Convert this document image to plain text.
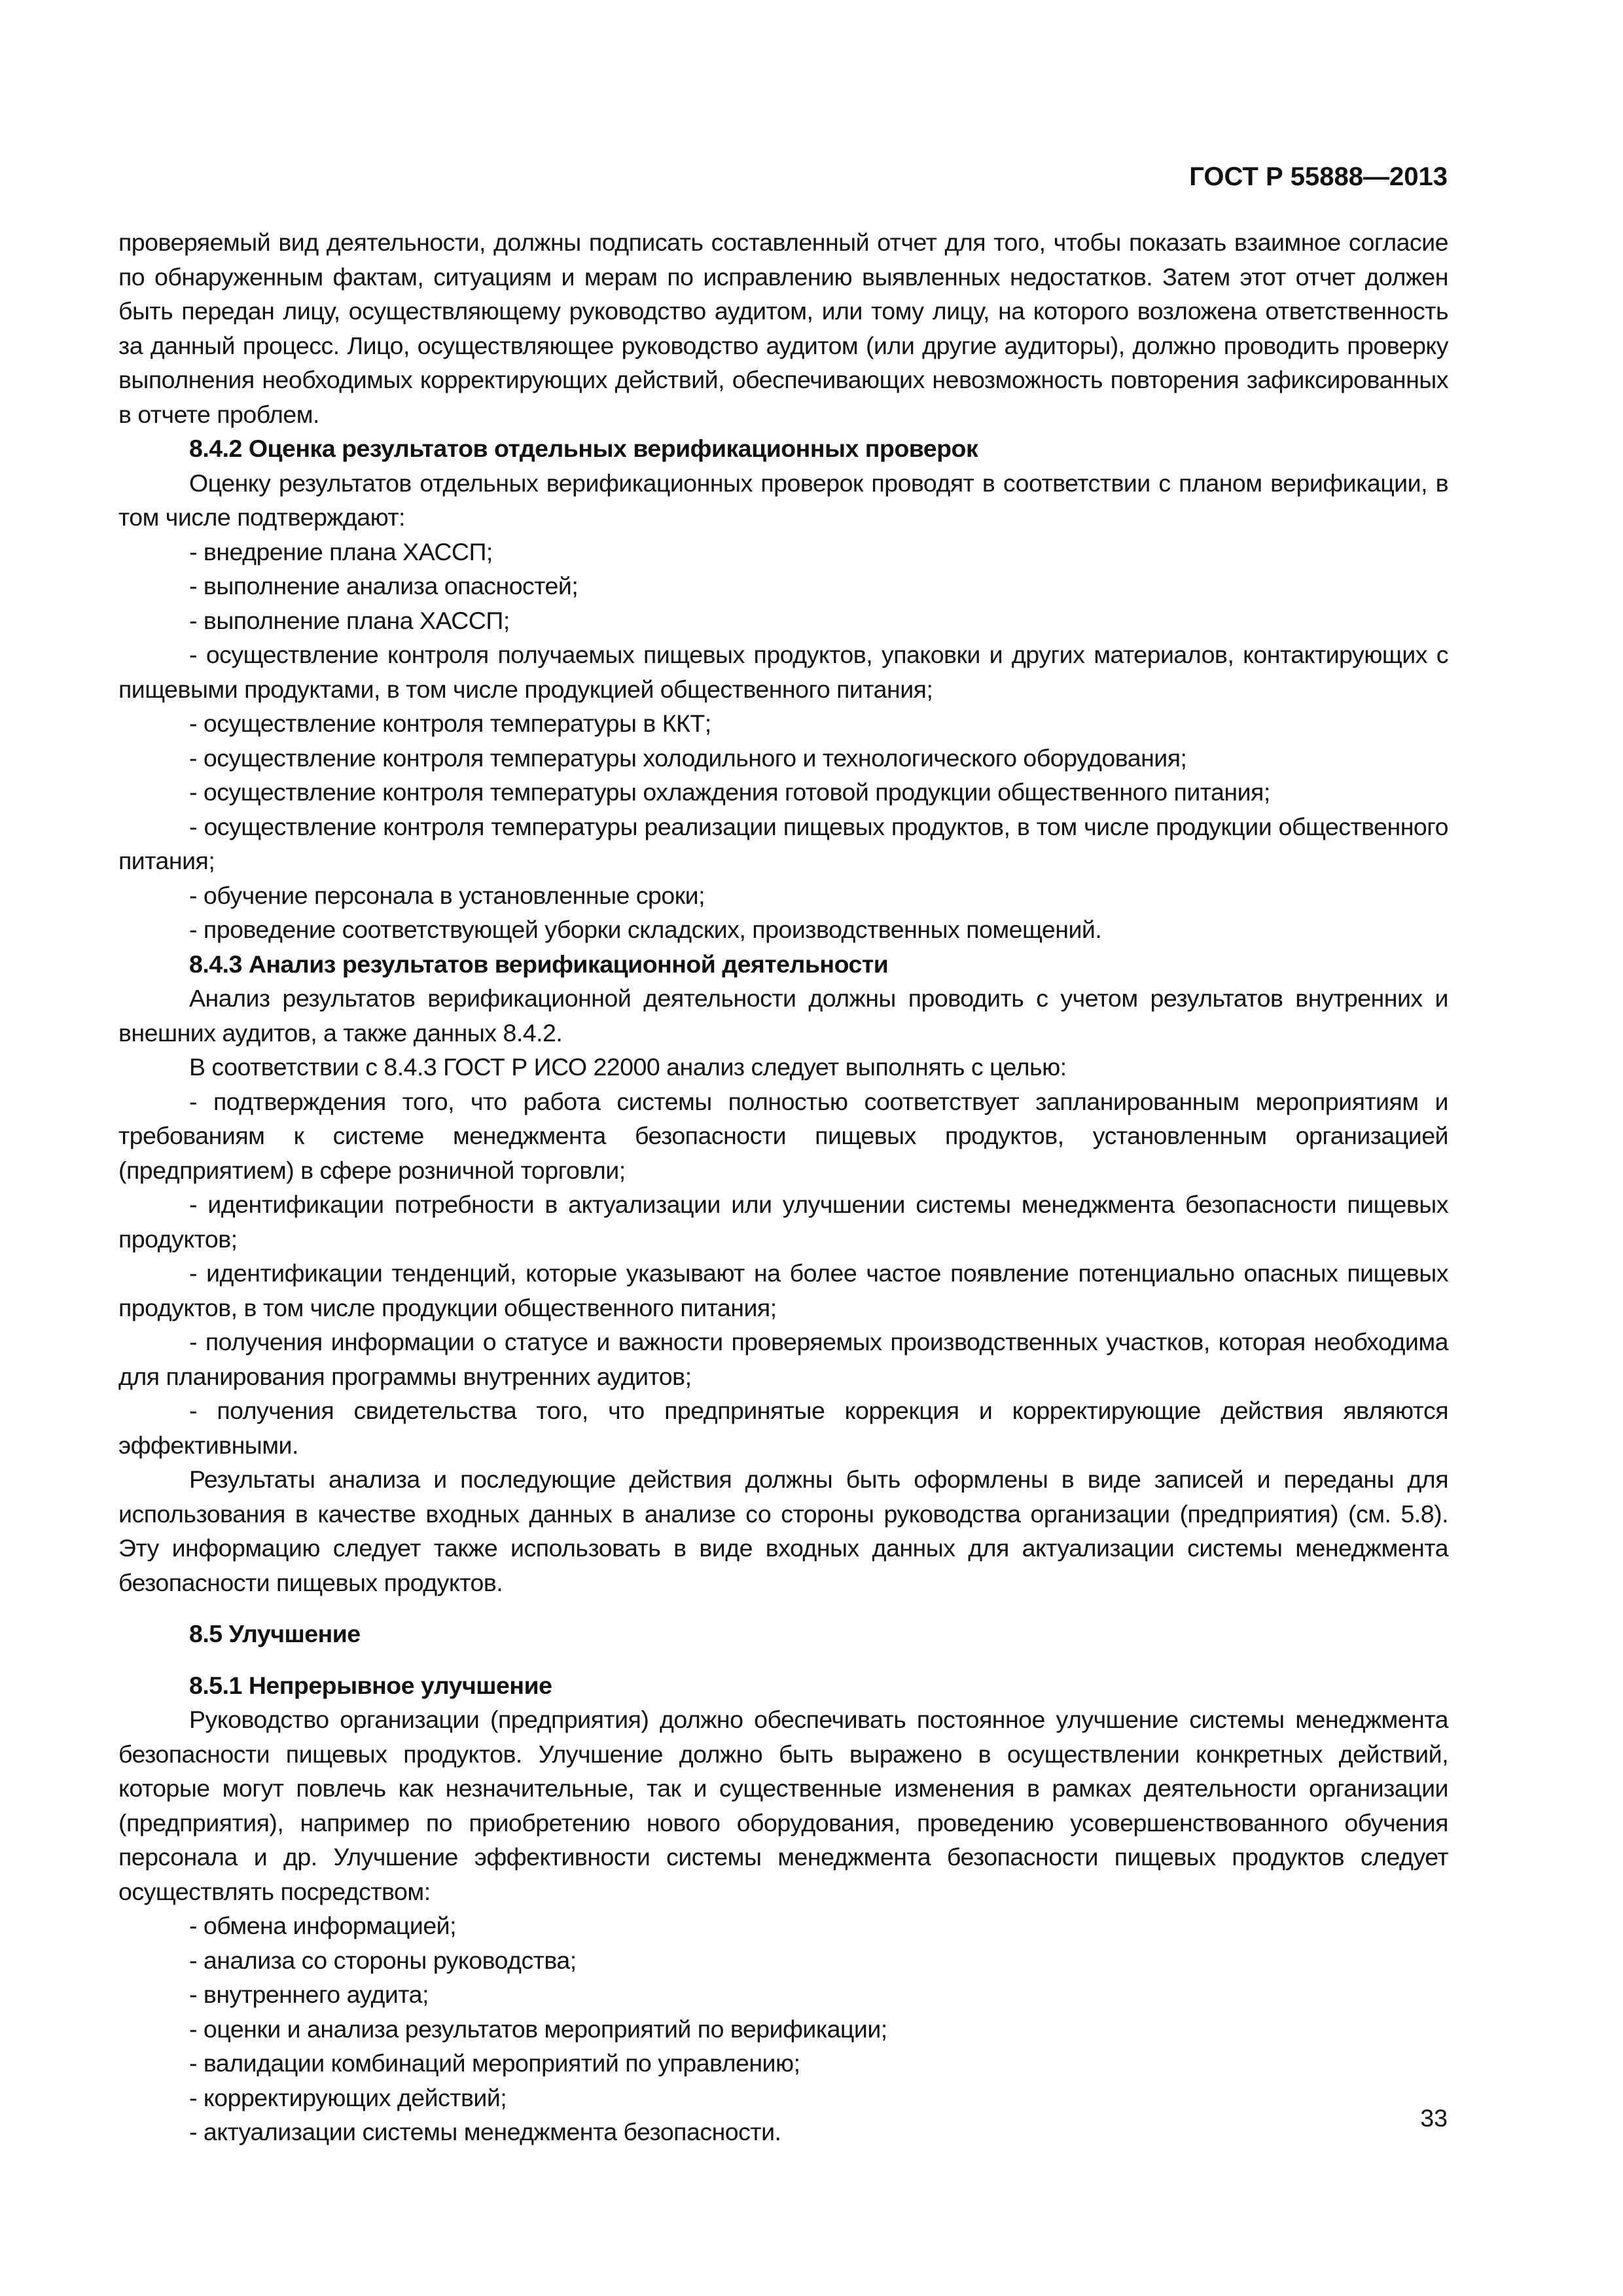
ГОСТ Р 55888—2013

проверяемый вид деятельности, должны подписать составленный отчет для того, чтобы показать взаимное согласие по обнаруженным фактам, ситуациям и мерам по исправлению выявленных недостатков. Затем этот отчет должен быть передан лицу, осуществляющему руководство аудитом, или тому лицу, на которого возложена ответственность за данный процесс. Лицо, осуществляющее руководство аудитом (или другие аудиторы), должно проводить проверку выполнения необходимых корректирующих действий, обеспечивающих невозможность повторения зафиксированных в отчете проблем.

8.4.2 Оценка результатов отдельных верификационных проверок

Оценку результатов отдельных верификационных проверок проводят в соответствии с планом верификации, в том числе подтверждают:

- внедрение плана ХАССП;

- выполнение анализа опасностей;

- выполнение плана ХАССП;

- осуществление контроля получаемых пищевых продуктов, упаковки и других материалов, контактирующих с пищевыми продуктами, в том числе продукцией общественного питания;

- осуществление контроля температуры в ККТ;

- осуществление контроля температуры холодильного и технологического оборудования;

- осуществление контроля температуры охлаждения готовой продукции общественного питания;

- осуществление контроля температуры реализации пищевых продуктов, в том числе продукции общественного питания;

- обучение персонала в установленные сроки;

- проведение соответствующей уборки складских, производственных помещений.

8.4.3 Анализ результатов верификационной деятельности

Анализ результатов верификационной деятельности должны проводить с учетом результатов внутренних и внешних аудитов, а также данных 8.4.2.

В соответствии с 8.4.3 ГОСТ Р ИСО 22000 анализ следует выполнять с целью:

- подтверждения того, что работа системы полностью соответствует запланированным мероприятиям и требованиям к системе менеджмента безопасности пищевых продуктов, установленным организацией (предприятием) в сфере розничной торговли;

- идентификации потребности в актуализации или улучшении системы менеджмента безопасности пищевых продуктов;

- идентификации тенденций, которые указывают на более частое появление потенциально опасных пищевых продуктов, в том числе продукции общественного питания;

- получения информации о статусе и важности проверяемых производственных участков, которая необходима для планирования программы внутренних аудитов;

- получения свидетельства того, что предпринятые коррекция и корректирующие действия являются эффективными.

Результаты анализа и последующие действия должны быть оформлены в виде записей и переданы для использования в качестве входных данных в анализе со стороны руководства организации (предприятия) (см. 5.8). Эту информацию следует также использовать в виде входных данных для актуализации системы менеджмента безопасности пищевых продуктов.

8.5 Улучшение

8.5.1 Непрерывное улучшение

Руководство организации (предприятия) должно обеспечивать постоянное улучшение системы менеджмента безопасности пищевых продуктов. Улучшение должно быть выражено в осуществлении конкретных действий, которые могут повлечь как незначительные, так и существенные изменения в рамках деятельности организации (предприятия), например по приобретению нового оборудования, проведению усовершенствованного обучения персонала и др. Улучшение эффективности системы менеджмента безопасности пищевых продуктов следует осуществлять посредством:

- обмена информацией;

- анализа со стороны руководства;

- внутреннего аудита;

- оценки и анализа результатов мероприятий по верификации;

- валидации комбинаций мероприятий по управлению;

- корректирующих действий;

- актуализации системы менеджмента безопасности.	33
